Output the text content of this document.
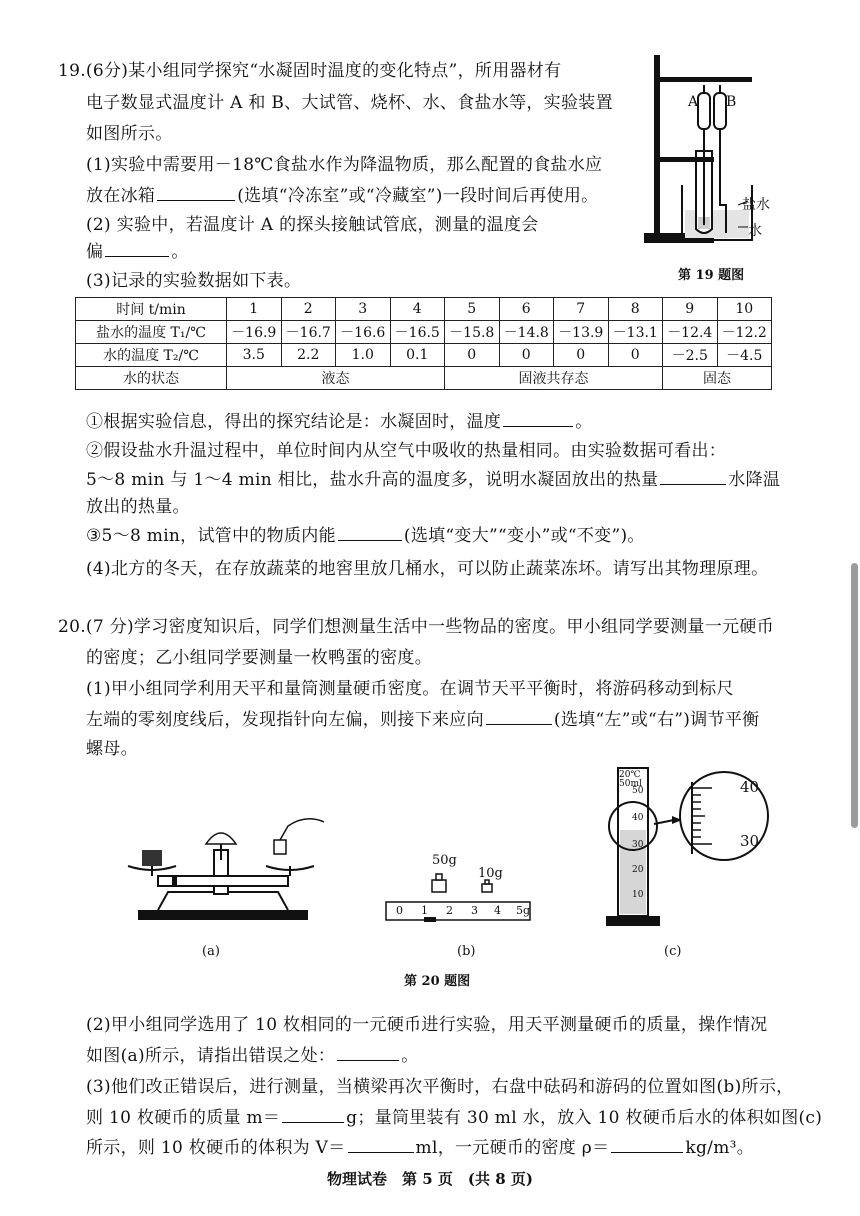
19.(6分)某小组同学探究“水凝固时温度的变化特点”，所用器材有
电子数显式温度计 A 和 B、大试管、烧杯、水、食盐水等，实验装置
如图所示。
(1)实验中需要用－18℃食盐水作为降温物质，那么配置的食盐水应
放在冰箱	(选填“冷冻室”或“冷藏室”)一段时间后再使用。
(2) 实验中，若温度计 A 的探头接触试管底，测量的温度会
偏	。
(3)记录的实验数据如下表。
A B
盐水
水
第 19 题图
时间 t/min	1	2	3	4	5	6	7	8	9	10
盐水的温度 T₁/℃	－16.9	－16.7	－16.6	－16.5	－15.8	－14.8	－13.9	－13.1	－12.4	－12.2
水的温度 T₂/℃	3.5	2.2	1.0	0.1	0	0	0	0	－2.5	－4.5
水的状态	液态				固液共存态				固态	
①根据实验信息，得出的探究结论是：水凝固时，温度	。
②假设盐水升温过程中，单位时间内从空气中吸收的热量相同。由实验数据可看出：
5～8 min 与 1～4 min 相比，盐水升高的温度多，说明水凝固放出的热量	水降温
放出的热量。
③5～8 min，试管中的物质内能	(选填“变大”“变小”或“不变”)。
(4)北方的冬天，在存放蔬菜的地窖里放几桶水，可以防止蔬菜冻坏。请写出其物理原理。
20.(7 分)学习密度知识后，同学们想测量生活中一些物品的密度。甲小组同学要测量一元硬币
的密度；乙小组同学要测量一枚鸭蛋的密度。
(1)甲小组同学利用天平和量筒测量硬币密度。在调节天平平衡时，将游码移动到标尺
左端的零刻度线后，发现指针向左偏，则接下来应向	(选填“左”或“右”)调节平衡
螺母。
(a)
50g
10g
0 1 2 3 4 5g
(b)
20℃
50ml
50
40
30
20
10
40
30
(c)
第 20 题图
(2)甲小组同学选用了 10 枚相同的一元硬币进行实验，用天平测量硬币的质量，操作情况
如图(a)所示，请指出错误之处：	。
(3)他们改正错误后，进行测量，当横梁再次平衡时，右盘中砝码和游码的位置如图(b)所示，
则 10 枚硬币的质量 m＝	g；量筒里装有 30 ml 水，放入 10 枚硬币后水的体积如图(c)
所示，则 10 枚硬币的体积为 V＝	ml，一元硬币的密度 ρ＝	kg/m³。
物理试卷　第 5 页　(共 8 页)
